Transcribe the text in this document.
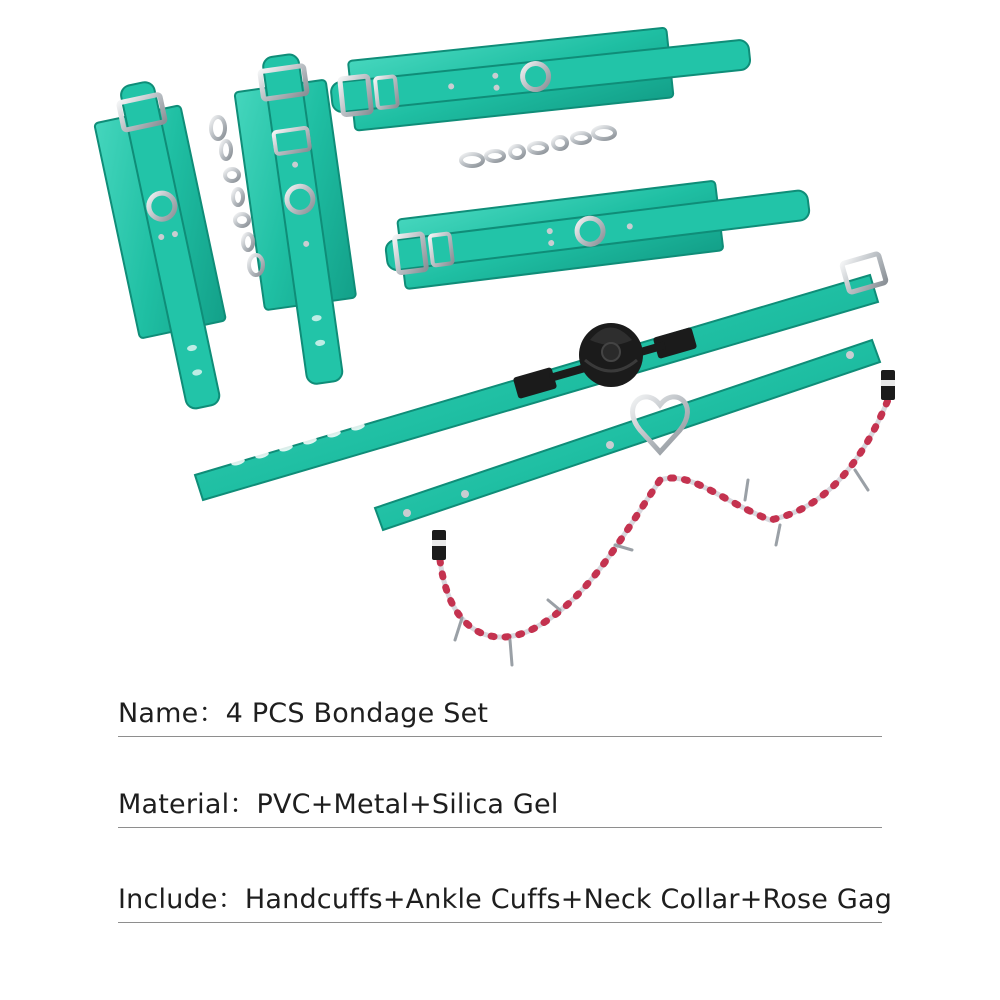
Name：4 PCS Bondage Set
Material：PVC+Metal+Silica Gel
Include：Handcuffs+Ankle Cuffs+Neck Collar+Rose Gag
